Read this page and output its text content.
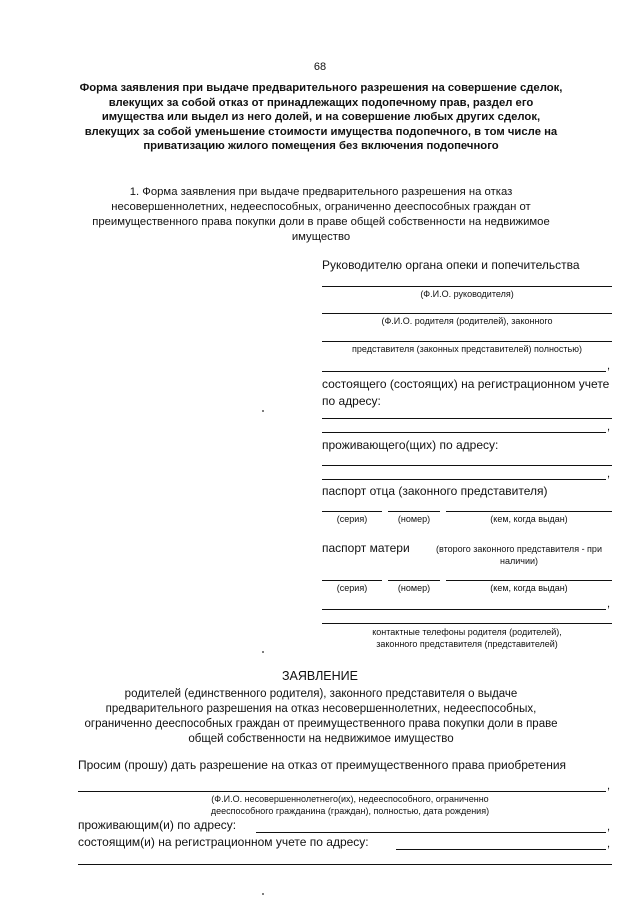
68
Форма заявления при выдаче предварительного разрешения на совершение сделок, влекущих за собой отказ от принадлежащих подопечному прав, раздел его имущества или выдел из него долей, и на совершение любых других сделок, влекущих за собой уменьшение стоимости имущества подопечного, в том числе на приватизацию жилого помещения без включения подопечного
1. Форма заявления при выдаче предварительного разрешения на отказ несовершеннолетних, недееспособных, ограниченно дееспособных граждан от преимущественного права покупки доли в праве общей собственности на недвижимое имущество
Руководителю органа опеки и попечительства
(Ф.И.О. руководителя)
(Ф.И.О. родителя (родителей), законного
представителя (законных представителей) полностью)
,
состоящего (состоящих) на регистрационном учете по адресу:
,
проживающего(щих) по адресу:
,
паспорт отца (законного представителя)
(серия)	(номер)	(кем, когда выдан)
паспорт матери	(второго законного представителя - при наличии)
(серия)	(номер)	(кем, когда выдан)
,
контактные телефоны родителя (родителей),
законного представителя (представителей)
ЗАЯВЛЕНИЕ
родителей (единственного родителя), законного представителя о выдаче предварительного разрешения на отказ несовершеннолетних, недееспособных, ограниченно дееспособных граждан от преимущественного права покупки доли в праве общей собственности на недвижимое имущество
Просим (прошу) дать разрешение на отказ от преимущественного права приобретения
,
(Ф.И.О. несовершеннолетнего(их), недееспособного, ограниченно
дееспособного гражданина (граждан), полностью, дата рождения)
проживающим(и) по адресу:	,
состоящим(и) на регистрационном учете по адресу:	,
